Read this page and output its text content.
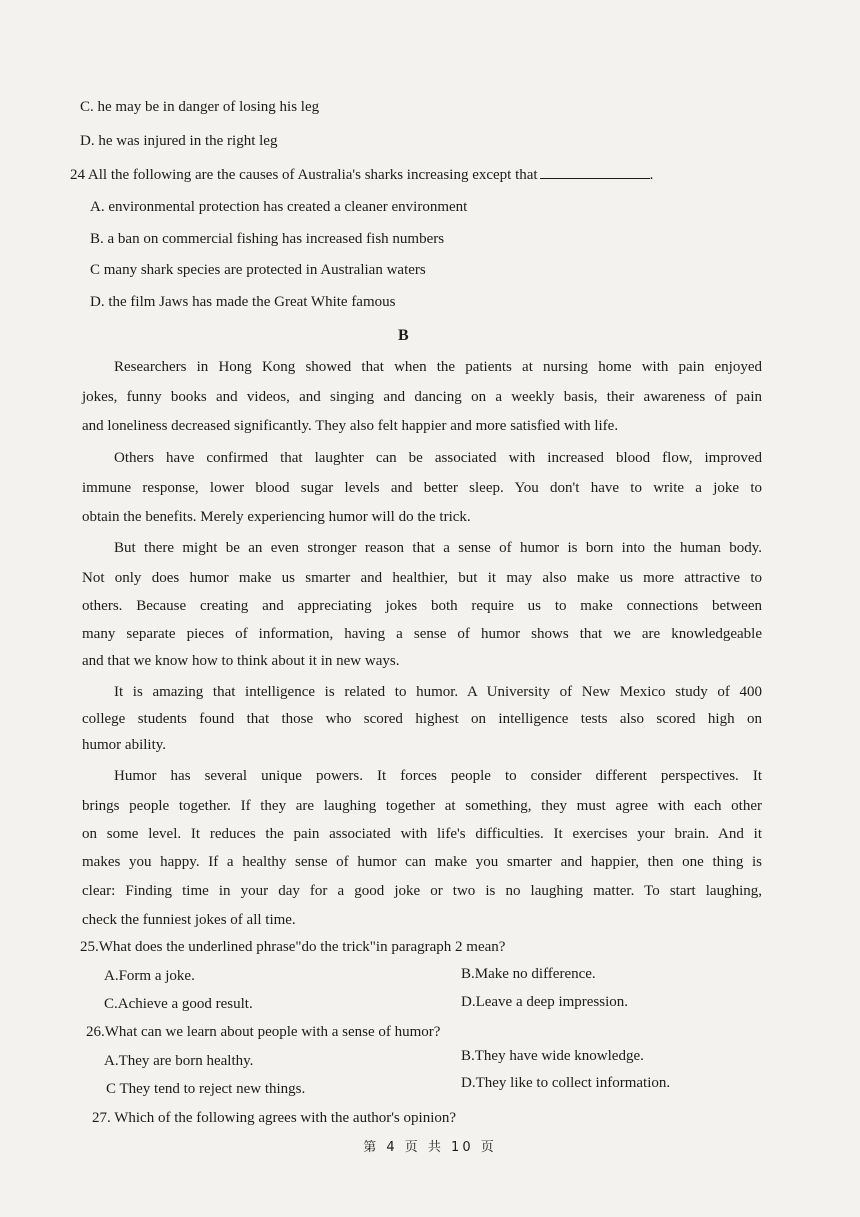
C. he may be in danger of losing his leg
D. he was injured in the right leg
24 All the following are the causes of Australia's sharks increasing except that	.
A. environmental protection has created a cleaner environment
B. a ban on commercial fishing has increased fish numbers
C many shark species are protected in Australian waters
D. the film Jaws has made the Great White famous
B
Researchers in Hong Kong showed that when the patients at nursing home with pain enjoyed
jokes, funny books and videos, and singing and dancing on a weekly basis, their awareness of pain
and loneliness decreased significantly. They also felt happier and more satisfied with life.
Others have confirmed that laughter can be associated with increased blood flow, improved
immune response, lower blood sugar levels and better sleep. You don't have to write a joke to
obtain the benefits. Merely experiencing humor will do the trick.
But there might be an even stronger reason that a sense of humor is born into the human body.
Not only does humor make us smarter and healthier, but it may also make us more attractive to
others. Because creating and appreciating jokes both require us to make connections between
many separate pieces of information, having a sense of humor shows that we are knowledgeable
and that we know how to think about it in new ways.
It is amazing that intelligence is related to humor. A University of New Mexico study of 400
college students found that those who scored highest on intelligence tests also scored high on
humor ability.
Humor has several unique powers. It forces people to consider different perspectives. It
brings people together. If they are laughing together at something, they must agree with each other
on some level. It reduces the pain associated with life's difficulties. It exercises your brain. And it
makes you happy. If a healthy sense of humor can make you smarter and happier, then one thing is
clear: Finding time in your day for a good joke or two is no laughing matter. To start laughing,
check the funniest jokes of all time.
25.What does the underlined phrase"do the trick"in paragraph 2 mean?
A.Form a joke.	B.Make no difference.
C.Achieve a good result.	D.Leave a deep impression.
26.What can we learn about people with a sense of humor?
A.They are born healthy.	B.They have wide knowledge.
C They tend to reject new things.	D.They like to collect information.
27. Which of the following agrees with the author's opinion?
第 4 页 共 10 页
